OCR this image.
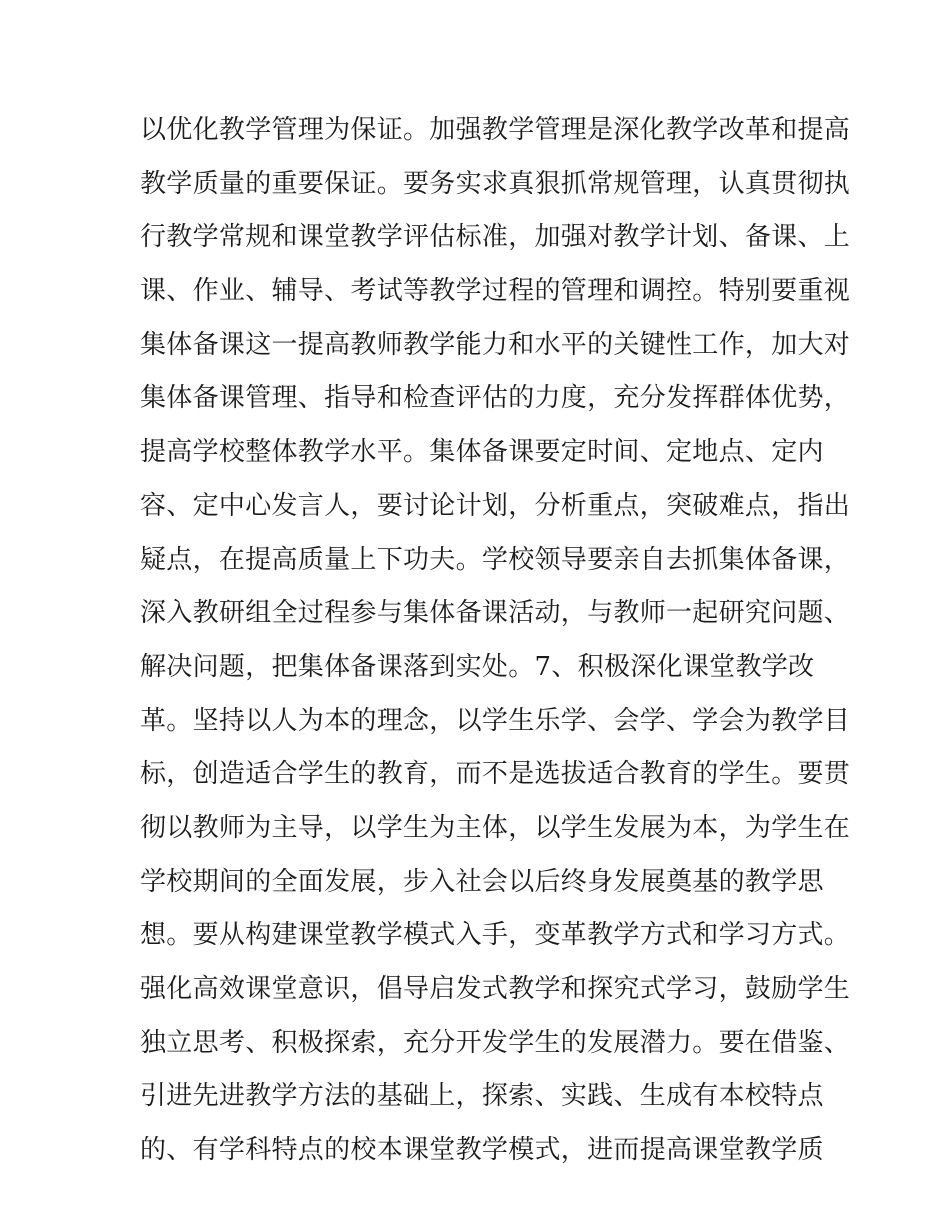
以优化教学管理为保证。加强教学管理是深化教学改革和提高
教学质量的重要保证。要务实求真狠抓常规管理，认真贯彻执
行教学常规和课堂教学评估标准，加强对教学计划、备课、上
课、作业、辅导、考试等教学过程的管理和调控。特别要重视
集体备课这一提高教师教学能力和水平的关键性工作，加大对
集体备课管理、指导和检查评估的力度，充分发挥群体优势，
提高学校整体教学水平。集体备课要定时间、定地点、定内
容、定中心发言人，要讨论计划，分析重点，突破难点，指出
疑点，在提高质量上下功夫。学校领导要亲自去抓集体备课，
深入教研组全过程参与集体备课活动，与教师一起研究问题、
解决问题，把集体备课落到实处。7、积极深化课堂教学改
革。坚持以人为本的理念，以学生乐学、会学、学会为教学目
标，创造适合学生的教育，而不是选拔适合教育的学生。要贯
彻以教师为主导，以学生为主体，以学生发展为本，为学生在
学校期间的全面发展，步入社会以后终身发展奠基的教学思
想。要从构建课堂教学模式入手，变革教学方式和学习方式。
强化高效课堂意识，倡导启发式教学和探究式学习，鼓励学生
独立思考、积极探索，充分开发学生的发展潜力。要在借鉴、
引进先进教学方法的基础上，探索、实践、生成有本校特点
的、有学科特点的校本课堂教学模式，进而提高课堂教学质
